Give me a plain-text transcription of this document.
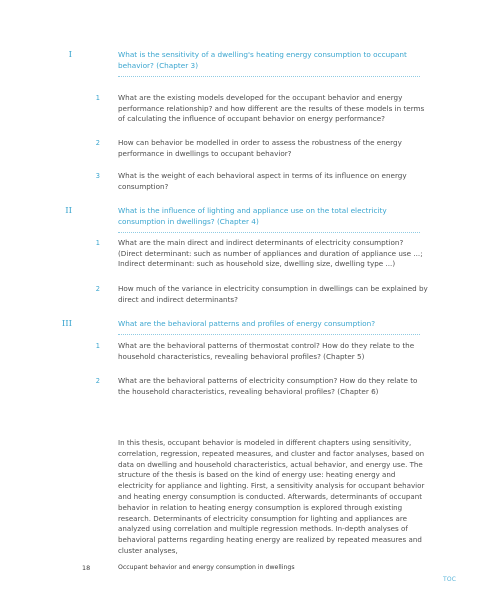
I	What is the sensitivity of a dwelling's heating energy consumption to occupant behavior? (Chapter 3)
1	What are the existing models developed for the occupant behavior and energy performance relationship? and how different are the results of these models in terms of calculating the influence of occupant behavior on energy performance?
2	How can behavior be modelled in order to assess the robustness of the energy performance in dwellings to occupant behavior?
3	What is the weight of each behavioral aspect in terms of its influence on energy consumption?
II	What is the influence of lighting and appliance use on the total electricity consumption in dwellings? (Chapter 4)
1	What are the main direct and indirect determinants of electricity consumption? (Direct determinant: such as number of appliances and duration of appliance use ...; Indirect determinant: such as household size, dwelling size, dwelling type ...)
2	How much of the variance in electricity consumption in dwellings can be explained by direct and indirect determinants?
III	What are the behavioral patterns and profiles of energy consumption?
1	What are the behavioral patterns of thermostat control? How do they relate to the household characteristics, revealing behavioral profiles? (Chapter 5)
2	What are the behavioral patterns of electricity consumption? How do they relate to the household characteristics, revealing behavioral profiles? (Chapter 6)
In this thesis, occupant behavior is modeled in different chapters using sensitivity, correlation, regression, repeated measures, and cluster and factor analyses, based on data on dwelling and household characteristics, actual behavior, and energy use. The structure of the thesis is based on the kind of energy use: heating energy and electricity for appliance and lighting. First, a sensitivity analysis for occupant behavior and heating energy consumption is conducted. Afterwards, determinants of occupant behavior in relation to heating energy consumption is explored through existing research. Determinants of electricity consumption for lighting and appliances are analyzed using correlation and multiple regression methods. In-depth analyses of behavioral patterns regarding heating energy are realized by repeated measures and cluster analyses,
18	Occupant behavior and energy consumption in dwellings
TOC
